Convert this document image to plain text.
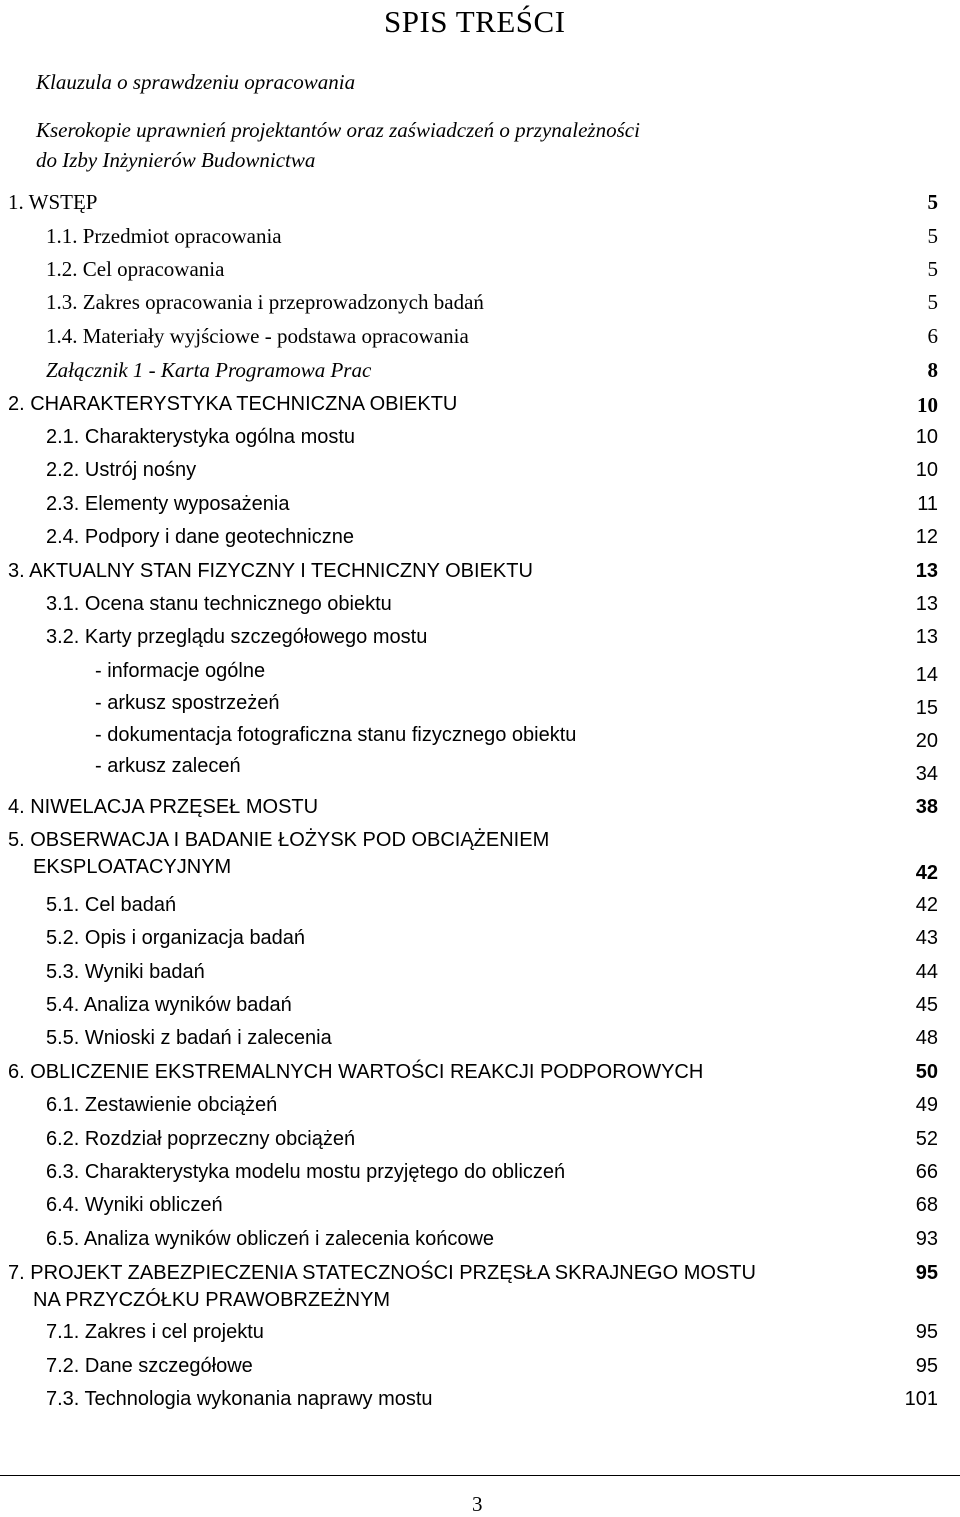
SPIS TREŚCI
Klauzula o sprawdzeniu opracowania
Kserokopie uprawnień projektantów oraz zaświadczeń o przynależności
do Izby Inżynierów Budownictwa
1. WSTĘP	5
1.1. Przedmiot opracowania	5
1.2. Cel opracowania	5
1.3. Zakres opracowania i przeprowadzonych badań	5
1.4. Materiały wyjściowe - podstawa opracowania	6
Załącznik 1 - Karta Programowa Prac	8
2. CHARAKTERYSTYKA TECHNICZNA OBIEKTU	10
2.1. Charakterystyka ogólna mostu	10
2.2. Ustrój nośny	10
2.3. Elementy wyposażenia	11
2.4. Podpory i dane geotechniczne	12
3. AKTUALNY STAN FIZYCZNY I TECHNICZNY OBIEKTU	13
3.1. Ocena stanu technicznego obiektu	13
3.2. Karty przeglądu szczegółowego mostu	13
- informacje ogólne	14
- arkusz spostrzeżeń	15
- dokumentacja fotograficzna stanu fizycznego obiektu	20
- arkusz zaleceń	34
4. NIWELACJA PRZĘSEŁ MOSTU	38
5. OBSERWACJA I BADANIE ŁOŻYSK POD OBCIĄŻENIEM
EKSPLOATACYJNYM	42
5.1. Cel badań	42
5.2. Opis i organizacja badań	43
5.3. Wyniki badań	44
5.4. Analiza wyników badań	45
5.5. Wnioski z badań i zalecenia	48
6. OBLICZENIE EKSTREMALNYCH WARTOŚCI REAKCJI PODPOROWYCH	50
6.1. Zestawienie obciążeń	49
6.2. Rozdział poprzeczny obciążeń	52
6.3. Charakterystyka modelu mostu przyjętego do obliczeń	66
6.4. Wyniki obliczeń	68
6.5. Analiza wyników obliczeń i zalecenia końcowe	93
7. PROJEKT ZABEZPIECZENIA STATECZNOŚCI PRZĘSŁA SKRAJNEGO MOSTU	95
NA PRZYCZÓŁKU PRAWOBRZEŻNYM
7.1. Zakres i cel projektu	95
7.2. Dane szczegółowe	95
7.3. Technologia wykonania naprawy mostu	101
3
